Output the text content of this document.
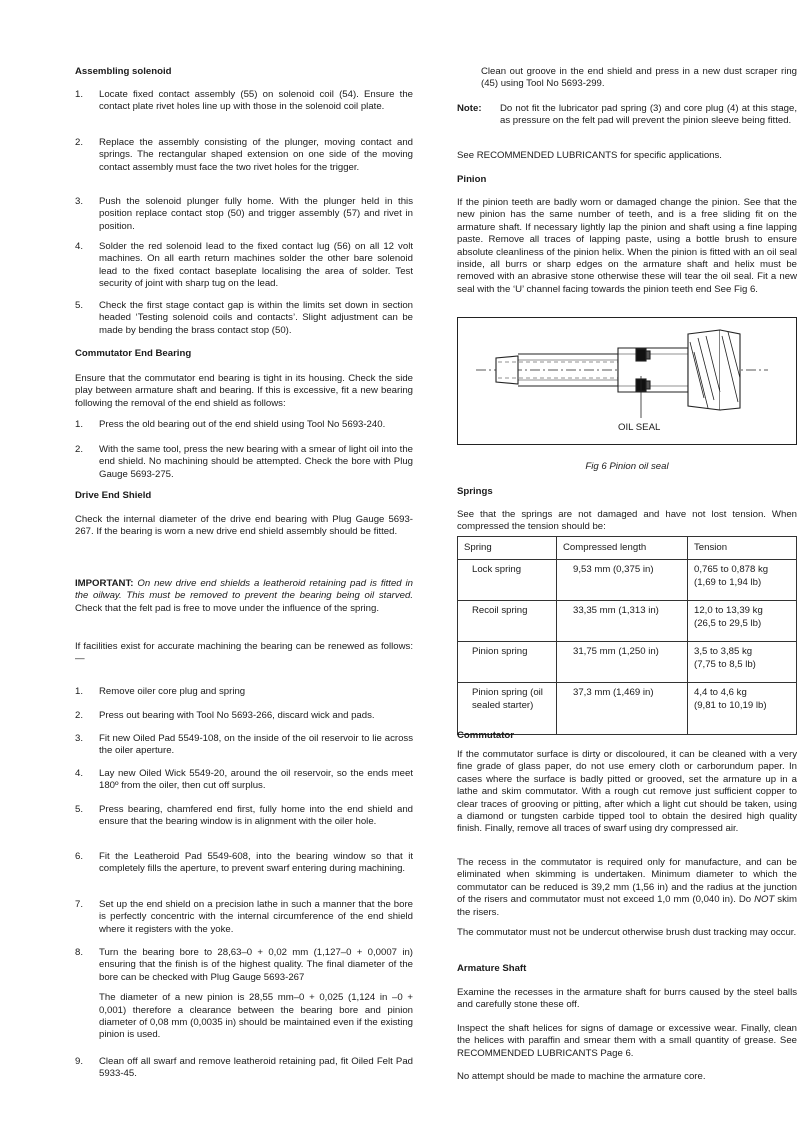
Assembling solenoid
1. Locate fixed contact assembly (55) on solenoid coil (54). Ensure the contact plate rivet holes line up with those in the solenoid coil plate.
2. Replace the assembly consisting of the plunger, moving contact and springs. The rectangular shaped extension on one side of the moving contact assembly must face the two rivet holes for the trigger.
3. Push the solenoid plunger fully home. With the plunger held in this position replace contact stop (50) and trigger assembly (57) and rivet in position.
4. Solder the red solenoid lead to the fixed contact lug (56) on all 12 volt machines. On all earth return machines solder the other bare solenoid lead to the fixed contact baseplate localising the area of solder. Test security of joint with sharp tug on the lead.
5. Check the first stage contact gap is within the limits set down in section headed ‘Testing solenoid coils and contacts’. Slight adjustment can be made by bending the brass contact stop (50).
Commutator End Bearing
Ensure that the commutator end bearing is tight in its housing. Check the side play between armature shaft and bearing. If this is excessive, fit a new bearing following the removal of the end shield as follows:
1. Press the old bearing out of the end shield using Tool No 5693-240.
2. With the same tool, press the new bearing with a smear of light oil into the end shield. No machining should be attempted. Check the bore with Plug Gauge 5693-275.
Drive End Shield
Check the internal diameter of the drive end bearing with Plug Gauge 5693-267. If the bearing is worn a new drive end shield assembly should be fitted.
IMPORTANT: On new drive end shields a leatheroid retaining pad is fitted in the oilway. This must be removed to prevent the bearing being oil starved. Check that the felt pad is free to move under the influence of the spring.
If facilities exist for accurate machining the bearing can be renewed as follows:—
1. Remove oiler core plug and spring
2. Press out bearing with Tool No 5693-266, discard wick and pads.
3. Fit new Oiled Pad 5549-108, on the inside of the oil reservoir to lie across the oiler aperture.
4. Lay new Oiled Wick 5549-20, around the oil reservoir, so the ends meet 180º from the oiler, then cut off surplus.
5. Press bearing, chamfered end first, fully home into the end shield and ensure that the bearing window is in alignment with the oiler hole.
6. Fit the Leatheroid Pad 5549-608, into the bearing window so that it completely fills the aperture, to prevent swarf entering during machining.
7. Set up the end shield on a precision lathe in such a manner that the bore is perfectly concentric with the internal circumference of the end shield where it registers with the yoke.
8. Turn the bearing bore to 28,63–0 + 0,02 mm (1,127–0 + 0,0007 in) ensuring that the finish is of the highest quality. The final diameter of the bore can be checked with Plug Gauge 5693-267
The diameter of a new pinion is 28,55 mm–0 + 0,025 (1,124 in –0 + 0,001) therefore a clearance between the bearing bore and pinion diameter of 0,08 mm (0,0035 in) should be maintained even if the existing pinion is used.
9. Clean off all swarf and remove leatheroid retaining pad, fit Oiled Felt Pad 5933-45.
Clean out groove in the end shield and press in a new dust scraper ring (45) using Tool No 5693-299.
Note: Do not fit the lubricator pad spring (3) and core plug (4) at this stage, as pressure on the felt pad will prevent the pinion sleeve being fitted.
See RECOMMENDED LUBRICANTS for specific applications.
Pinion
If the pinion teeth are badly worn or damaged change the pinion. See that the new pinion has the same number of teeth, and is a free sliding fit on the armature shaft. If necessary lightly lap the pinion and shaft using a fine lapping paste. Remove all traces of lapping paste, using a bottle brush to ensure absolute cleanliness of the pinion helix. When the pinion is fitted with an oil seal inside, all burrs or sharp edges on the armature shaft and helix must be removed with an abrasive stone otherwise these will tear the oil seal. Fit a new seal with the ‘U’ channel facing towards the pinion teeth end See Fig 6.
OIL SEAL
Fig 6 Pinion oil seal
Springs
See that the springs are not damaged and have not lost tension. When compressed the tension should be:
Spring	Compressed length	Tension
Lock spring	9,53 mm (0,375 in)	0,765 to 0,878 kg
(1,69 to 1,94 lb)
Recoil spring	33,35 mm (1,313 in)	12,0 to 13,39 kg
(26,5 to 29,5 lb)
Pinion spring	31,75 mm (1,250 in)	3,5 to 3,85 kg
(7,75 to 8,5 lb)
Pinion spring (oil sealed starter)	37,3 mm (1,469 in)	4,4 to 4,6 kg
(9,81 to 10,19 lb)
Commutator
If the commutator surface is dirty or discoloured, it can be cleaned with a very fine grade of glass paper, do not use emery cloth or carborundum paper. In cases where the surface is badly pitted or grooved, set the armature up in a lathe and skim commutator. With a rough cut remove just sufficient copper to clear traces of grooving or pitting, after which a light cut should be taken, using a diamond or tungsten carbide tipped tool to obtain the desired high quality finish. Finally, remove all traces of swarf using dry compressed air.
The recess in the commutator is required only for manufacture, and can be eliminated when skimming is undertaken. Minimum diameter to which the commutator can be reduced is 39,2 mm (1,56 in) and the radius at the junction of the risers and commutator must not exceed 1,0 mm (0,040 in). Do NOT skim the risers.
The commutator must not be undercut otherwise brush dust tracking may occur.
Armature Shaft
Examine the recesses in the armature shaft for burrs caused by the steel balls and carefully stone these off.
Inspect the shaft helices for signs of damage or excessive wear. Finally, clean the helices with paraffin and smear them with a small quantity of grease. See RECOMMENDED LUBRICANTS Page 6.
No attempt should be made to machine the armature core.
